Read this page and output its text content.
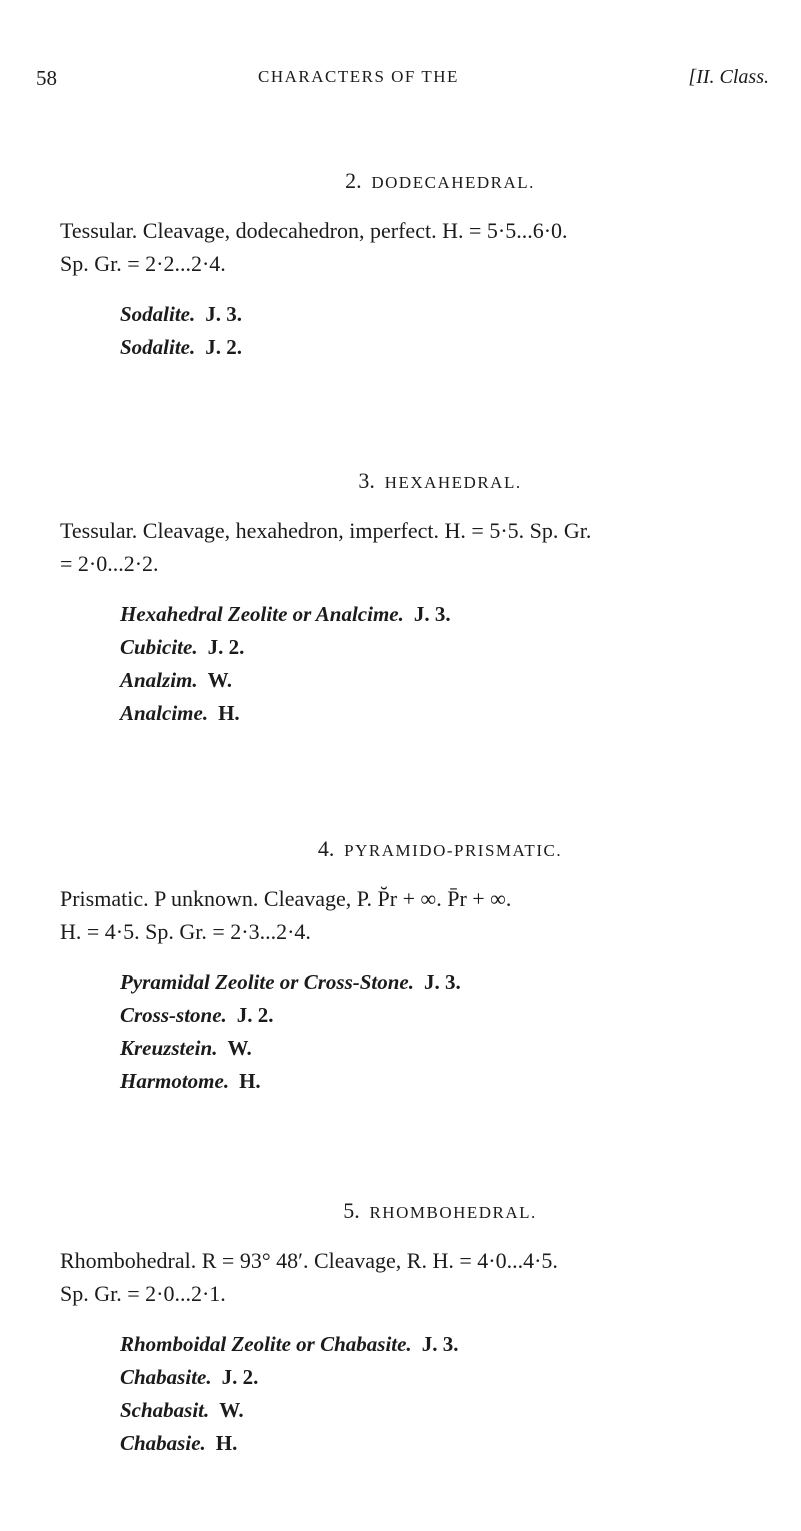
58	CHARACTERS OF THE	[II. Class.
2. DODECAHEDRAL.

Tessular. Cleavage, dodecahedron, perfect. H. = 5·5...6·0.
Sp. Gr. = 2·2...2·4.

Sodalite. J. 3.
Sodalite. J. 2.
3. HEXAHEDRAL.

Tessular. Cleavage, hexahedron, imperfect. H. = 5·5. Sp. Gr.
= 2·0...2·2.

Hexahedral Zeolite or Analcime. J. 3.
Cubicite. J. 2.
Analzim. W.
Analcime. H.
4. PYRAMIDO-PRISMATIC.

Prismatic. P unknown. Cleavage, P. P̆r + ∞. P̄r + ∞.
H. = 4·5. Sp. Gr. = 2·3...2·4.

Pyramidal Zeolite or Cross-Stone. J. 3.
Cross-stone. J. 2.
Kreuzstein. W.
Harmotome. H.
5. RHOMBOHEDRAL.

Rhombohedral. R = 93° 48′. Cleavage, R. H. = 4·0...4·5.
Sp. Gr. = 2·0...2·1.

Rhomboidal Zeolite or Chabasite. J. 3.
Chabasite. J. 2.
Schabasit. W.
Chabasie. H.
